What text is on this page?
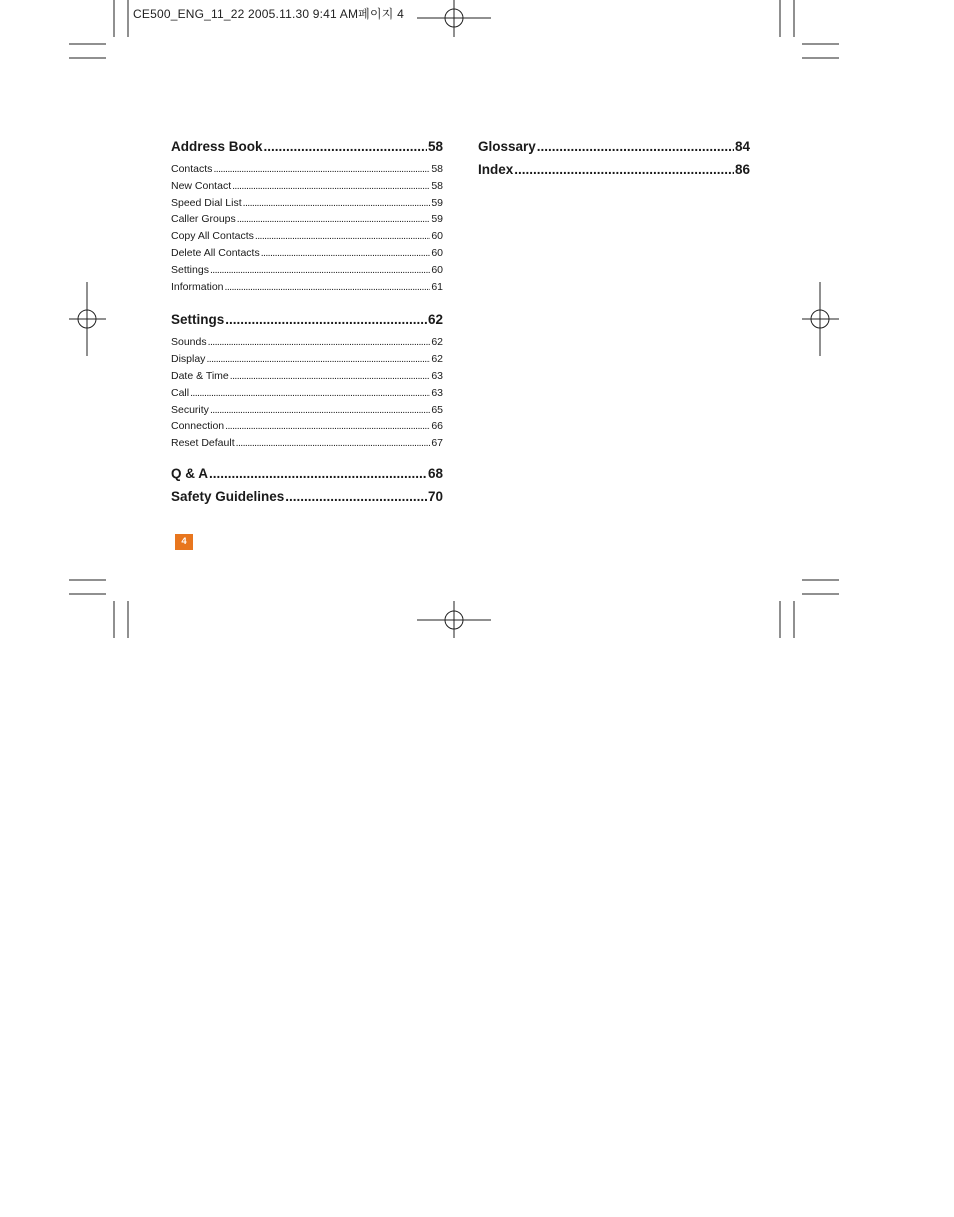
CE500_ENG_11_22 2005.11.30 9:41 AM페이지 4
Address Book .....	58
Contacts .....	58
New Contact .....	58
Speed Dial List .....	59
Caller Groups .....	59
Copy All Contacts .....	60
Delete All Contacts .....	60
Settings .....	60
Information .....	61
Settings .....	62
Sounds .....	62
Display .....	62
Date & Time .....	63
Call .....	63
Security .....	65
Connection .....	66
Reset Default .....	67
Q & A .....	68
Safety Guidelines .....	70
Glossary .....	84
Index .....	86
4
